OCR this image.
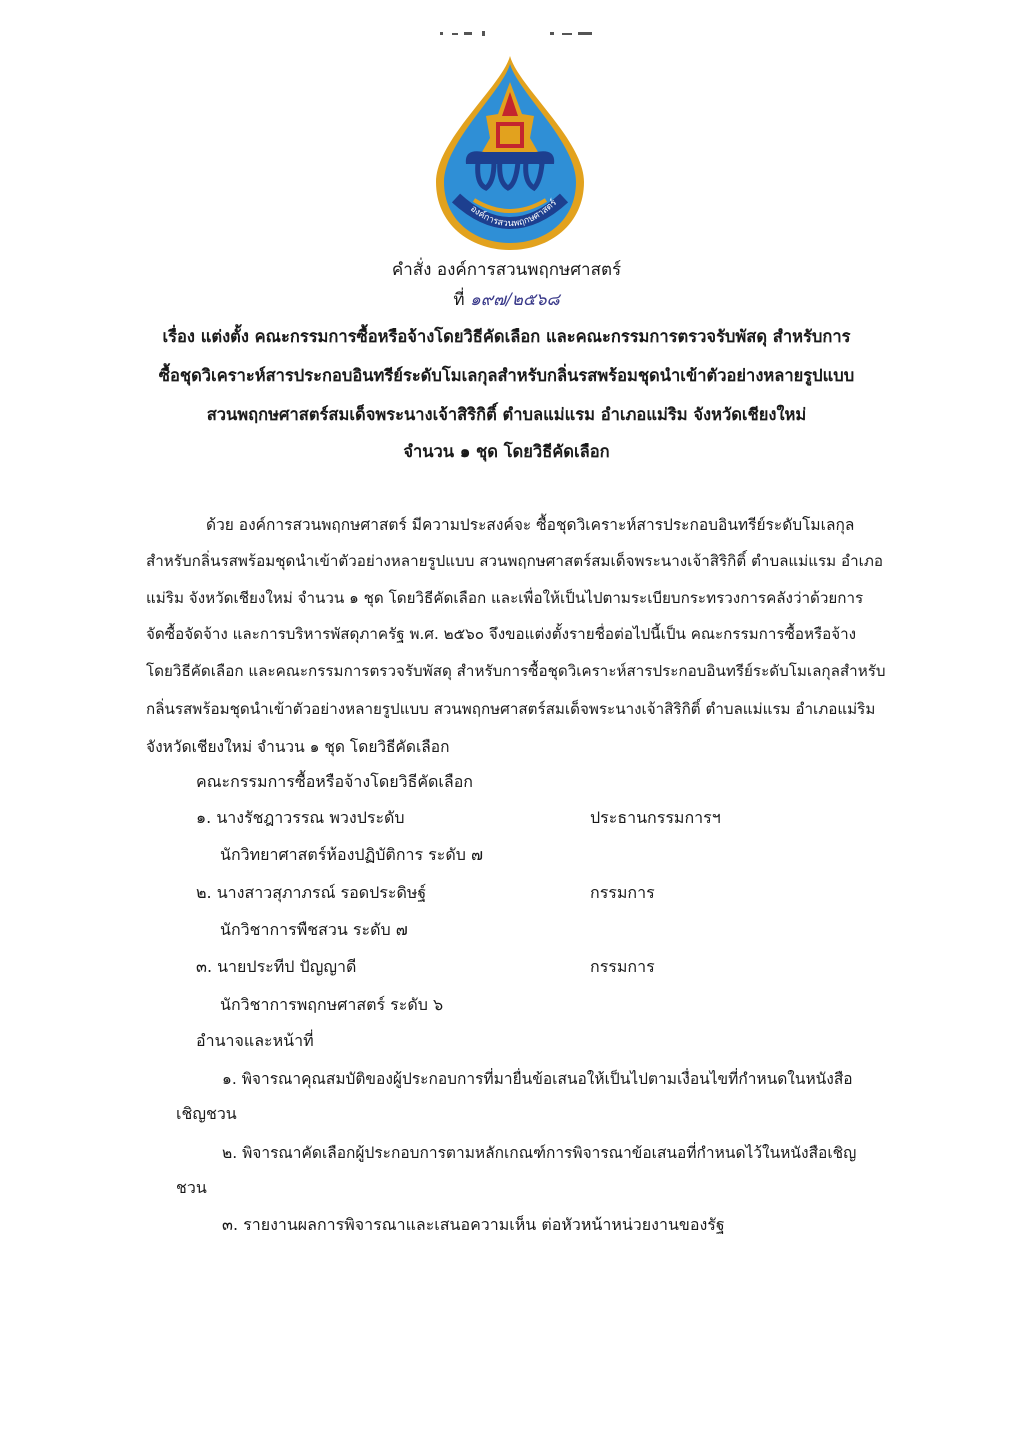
องค์การสวนพฤกษศาสตร์
คำสั่ง องค์การสวนพฤกษศาสตร์
ที่ ๑๙๗/๒๕๖๘
เรื่อง แต่งตั้ง คณะกรรมการซื้อหรือจ้างโดยวิธีคัดเลือก และคณะกรรมการตรวจรับพัสดุ สำหรับการ
ซื้อชุดวิเคราะห์สารประกอบอินทรีย์ระดับโมเลกุลสำหรับกลิ่นรสพร้อมชุดนำเข้าตัวอย่างหลายรูปแบบ
สวนพฤกษศาสตร์สมเด็จพระนางเจ้าสิริกิติ์ ตำบลแม่แรม อำเภอแม่ริม จังหวัดเชียงใหม่
จำนวน ๑ ชุด โดยวิธีคัดเลือก
ด้วย องค์การสวนพฤกษศาสตร์ มีความประสงค์จะ ซื้อชุดวิเคราะห์สารประกอบอินทรีย์ระดับโมเลกุล
สำหรับกลิ่นรสพร้อมชุดนำเข้าตัวอย่างหลายรูปแบบ สวนพฤกษศาสตร์สมเด็จพระนางเจ้าสิริกิติ์ ตำบลแม่แรม อำเภอ
แม่ริม จังหวัดเชียงใหม่ จำนวน ๑ ชุด โดยวิธีคัดเลือก และเพื่อให้เป็นไปตามระเบียบกระทรวงการคลังว่าด้วยการ
จัดซื้อจัดจ้าง และการบริหารพัสดุภาครัฐ พ.ศ. ๒๕๖๐ จึงขอแต่งตั้งรายชื่อต่อไปนี้เป็น คณะกรรมการซื้อหรือจ้าง
โดยวิธีคัดเลือก และคณะกรรมการตรวจรับพัสดุ สำหรับการซื้อชุดวิเคราะห์สารประกอบอินทรีย์ระดับโมเลกุลสำหรับ
กลิ่นรสพร้อมชุดนำเข้าตัวอย่างหลายรูปแบบ สวนพฤกษศาสตร์สมเด็จพระนางเจ้าสิริกิติ์ ตำบลแม่แรม อำเภอแม่ริม
จังหวัดเชียงใหม่ จำนวน ๑ ชุด โดยวิธีคัดเลือก
คณะกรรมการซื้อหรือจ้างโดยวิธีคัดเลือก
๑. นางรัชฎาวรรณ พวงประดับ	ประธานกรรมการฯ
นักวิทยาศาสตร์ห้องปฏิบัติการ ระดับ ๗
๒. นางสาวสุภาภรณ์ รอดประดิษฐ์	กรรมการ
นักวิชาการพืชสวน ระดับ ๗
๓. นายประทีป ปัญญาดี	กรรมการ
นักวิชาการพฤกษศาสตร์ ระดับ ๖
อำนาจและหน้าที่
๑. พิจารณาคุณสมบัติของผู้ประกอบการที่มายื่นข้อเสนอให้เป็นไปตามเงื่อนไขที่กำหนดในหนังสือ
เชิญชวน
๒. พิจารณาคัดเลือกผู้ประกอบการตามหลักเกณฑ์การพิจารณาข้อเสนอที่กำหนดไว้ในหนังสือเชิญ
ชวน
๓. รายงานผลการพิจารณาและเสนอความเห็น ต่อหัวหน้าหน่วยงานของรัฐ
